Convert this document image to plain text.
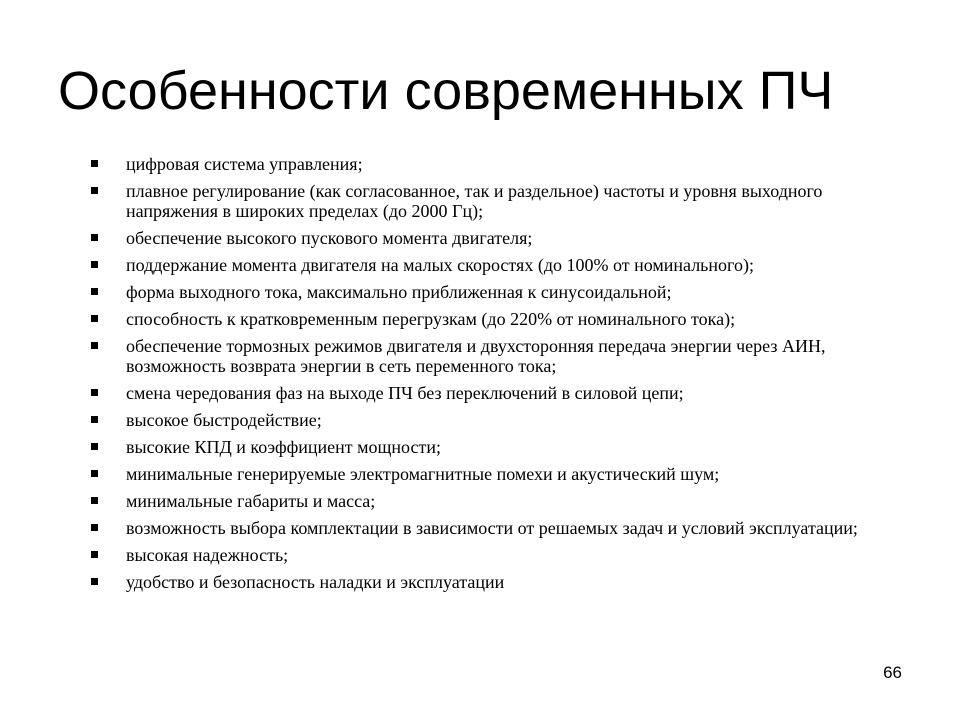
Особенности современных ПЧ
цифровая система управления;
плавное регулирование (как согласованное, так и раздельное) частоты и уровня выходного напряжения в широких пределах (до 2000 Гц);
обеспечение высокого пускового момента двигателя;
поддержание момента двигателя на малых скоростях (до 100% от номинального);
форма выходного тока, максимально приближенная к синусоидальной;
способность к кратковременным перегрузкам (до 220% от номинального тока);
обеспечение тормозных режимов двигателя и двухсторонняя передача энергии через АИН, возможность возврата энергии в сеть переменного тока;
смена чередования фаз на выходе ПЧ без переключений в силовой цепи;
высокое быстродействие;
высокие КПД и коэффициент мощности;
минимальные генерируемые электромагнитные помехи и акустический шум;
минимальные габариты и масса;
возможность выбора комплектации в зависимости от решаемых задач и условий эксплуатации;
высокая надежность;
удобство и безопасность наладки и эксплуатации
66
